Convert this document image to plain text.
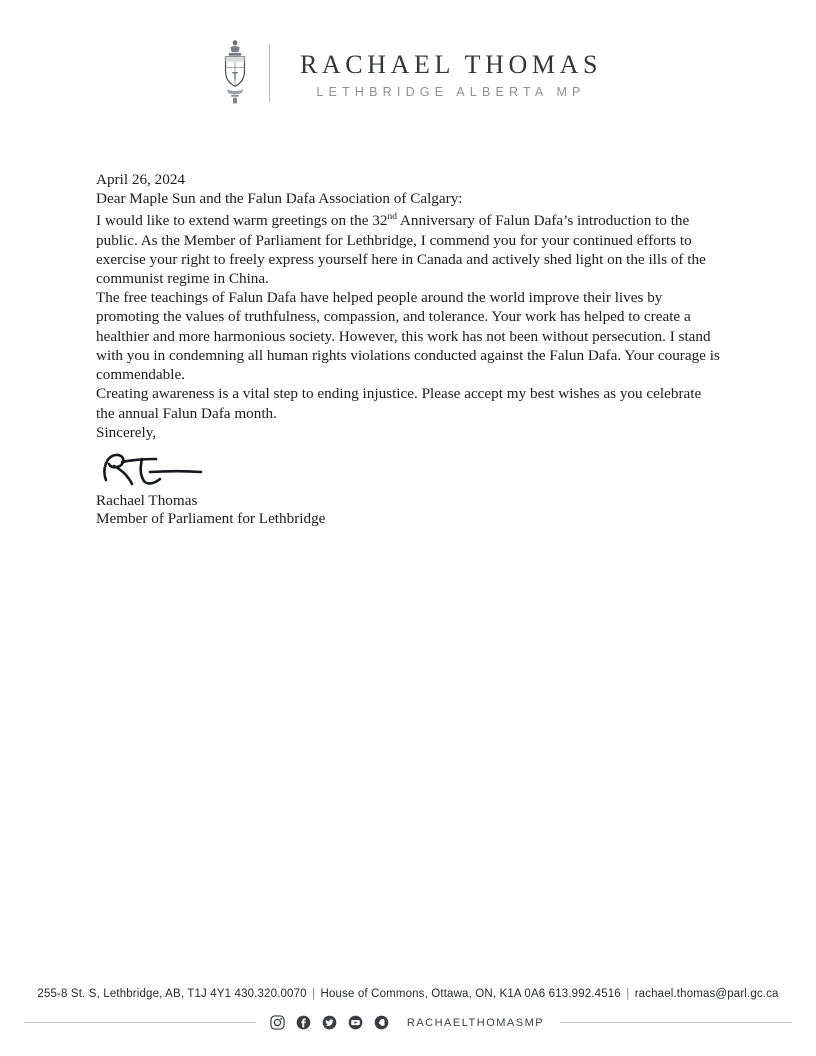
RACHAEL THOMAS
LETHBRIDGE ALBERTA MP

April 26, 2024

Dear Maple Sun and the Falun Dafa Association of Calgary:

I would like to extend warm greetings on the 32nd Anniversary of Falun Dafa’s introduction to the public. As the Member of Parliament for Lethbridge, I commend you for your continued efforts to exercise your right to freely express yourself here in Canada and actively shed light on the ills of the communist regime in China.

The free teachings of Falun Dafa have helped people around the world improve their lives by promoting the values of truthfulness, compassion, and tolerance. Your work has helped to create a healthier and more harmonious society. However, this work has not been without persecution. I stand with you in condemning all human rights violations conducted against the Falun Dafa. Your courage is commendable.

Creating awareness is a vital step to ending injustice. Please accept my best wishes as you celebrate the annual Falun Dafa month.

Sincerely,

Rachael Thomas
Member of Parliament for Lethbridge

255-8 St. S, Lethbridge, AB, T1J 4Y1 430.320.0070 | House of Commons, Ottawa, ON, K1A 0A6 613.992.4516 | rachael.thomas@parl.gc.ca
RACHAELTHOMASMP
